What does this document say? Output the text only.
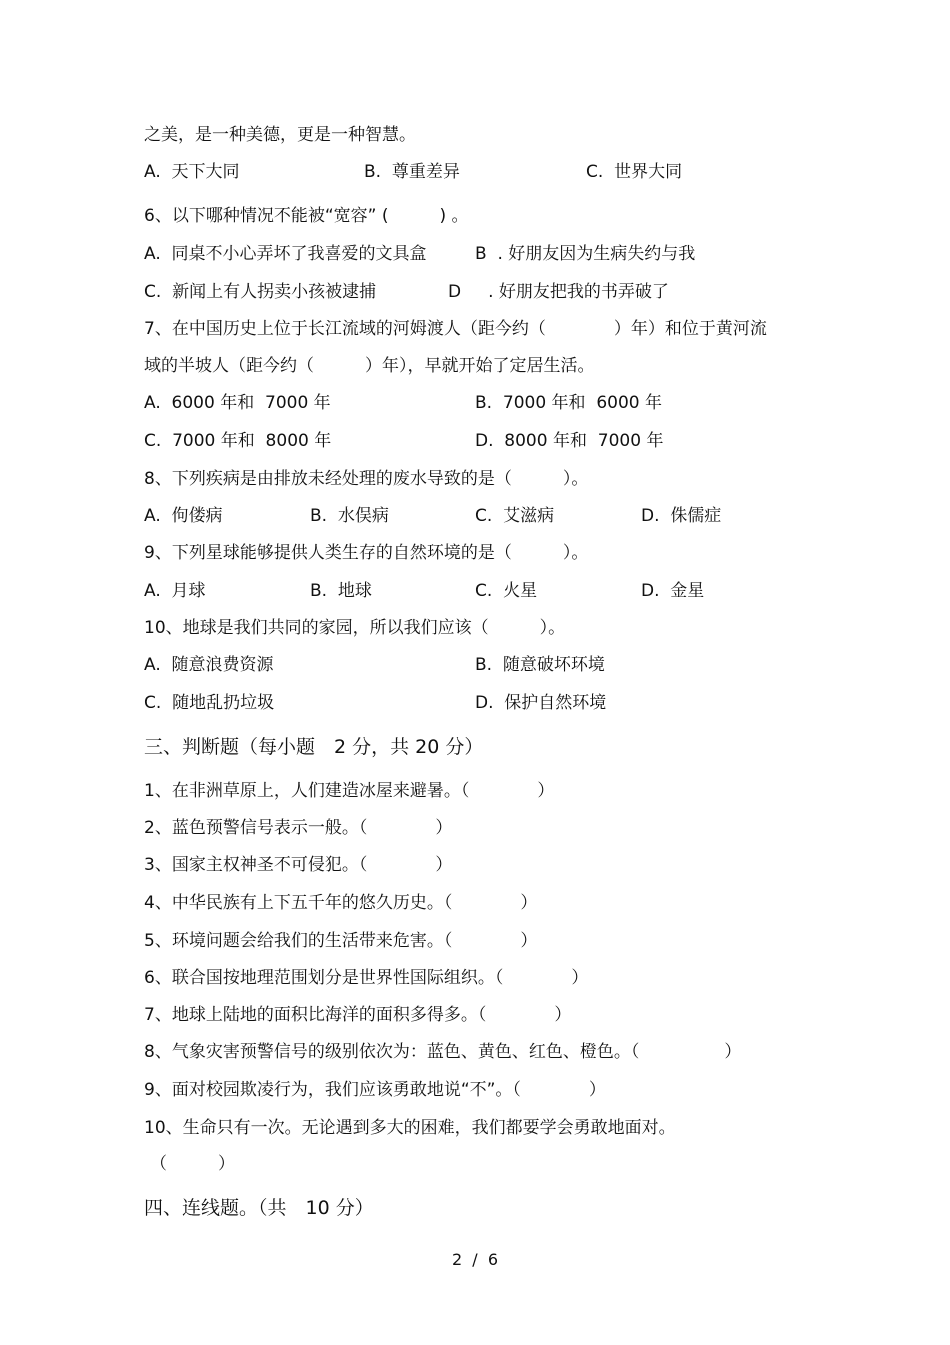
之美，是一种美德，更是一种智慧。
A.  天下大同	B.  尊重差异	C.  世界大同
6、以下哪种情况不能被“宽容” (　　　) 。
A.  同桌不小心弄坏了我喜爱的文具盒	B  . 好朋友因为生病失约与我
C.  新闻上有人拐卖小孩被逮捕	D     . 好朋友把我的书弄破了
7、在中国历史上位于长江流域的河姆渡人（距今约（　　　　）年）和位于黄河流
域的半坡人（距今约（　　　）年），早就开始了定居生活。
A.  6000 年和  7000 年	B.  7000 年和  6000 年
C.  7000 年和  8000 年	D.  8000 年和  7000 年
8、下列疾病是由排放未经处理的废水导致的是（　　　）。
A.  佝偻病	B.  水俣病	C.  艾滋病	D.  侏儒症
9、下列星球能够提供人类生存的自然环境的是（　　　）。
A.  月球	B.  地球	C.  火星	D.  金星
10、地球是我们共同的家园，所以我们应该（　　　）。
A.  随意浪费资源	B.  随意破坏环境
C.  随地乱扔垃圾	D.  保护自然环境
三、判断题（每小题　2 分，共 20 分）
1、在非洲草原上，人们建造冰屋来避暑。（　　　　）
2、蓝色预警信号表示一般。（　　　　）
3、国家主权神圣不可侵犯。（　　　　）
4、中华民族有上下五千年的悠久历史。（　　　　）
5、环境问题会给我们的生活带来危害。（　　　　）
6、联合国按地理范围划分是世界性国际组织。（　　　　）
7、地球上陆地的面积比海洋的面积多得多。（　　　　）
8、气象灾害预警信号的级别依次为：蓝色、黄色、红色、橙色。（　　　　　）
9、面对校园欺凌行为，我们应该勇敢地说“不”。（　　　　）
10、生命只有一次。无论遇到多大的困难，我们都要学会勇敢地面对。
（　　　）
四、连线题。（共　10 分）
2  /  6
